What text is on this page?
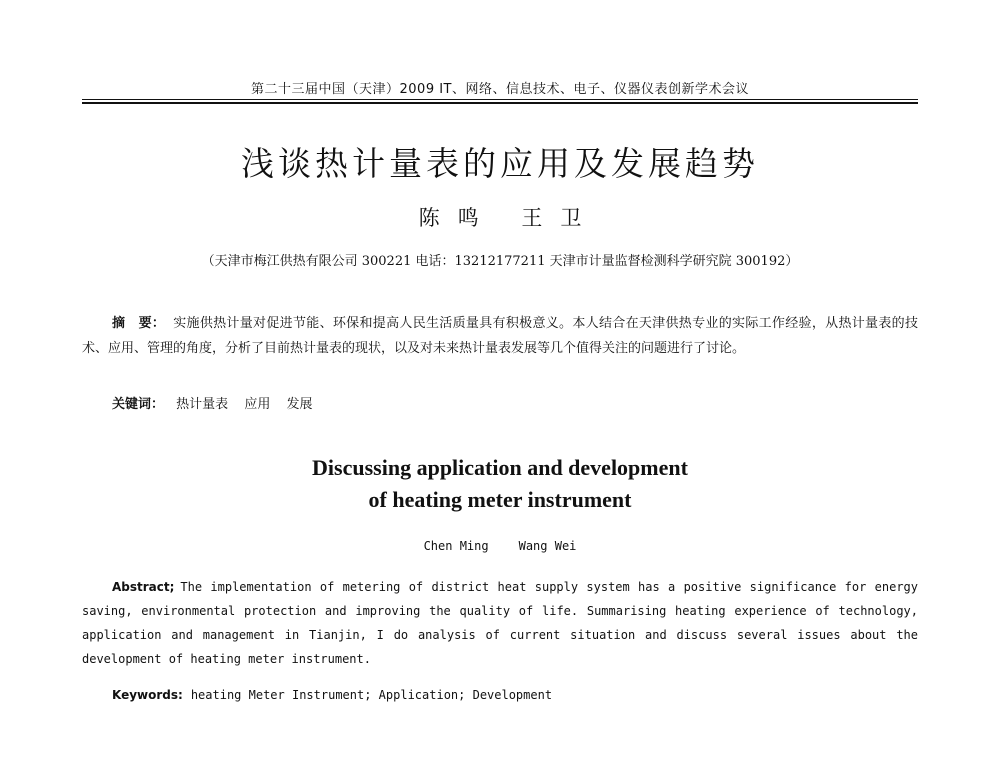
第二十三届中国（天津）2009 IT、网络、信息技术、电子、仪器仪表创新学术会议
浅谈热计量表的应用及发展趋势
陈鸣 王卫
（天津市梅江供热有限公司 300221 电话：13212177211 天津市计量监督检测科学研究院 300192）
摘　要： 实施供热计量对促进节能、环保和提高人民生活质量具有积极意义。本人结合在天津供热专业的实际工作经验，从热计量表的技术、应用、管理的角度，分析了目前热计量表的现状，以及对未来热计量表发展等几个值得关注的问题进行了讨论。
关键词： 热计量表 应用 发展
Discussing application and development
of heating meter instrument
Chen Ming	Wang Wei
Abstract; The implementation of metering of district heat supply system has a positive significance for energy saving, environmental protection and improving the quality of life. Summarising heating experience of technology, application and management in Tianjin, I do analysis of current situation and discuss several issues about the development of heating meter instrument.
Keywords: heating Meter Instrument; Application; Development
